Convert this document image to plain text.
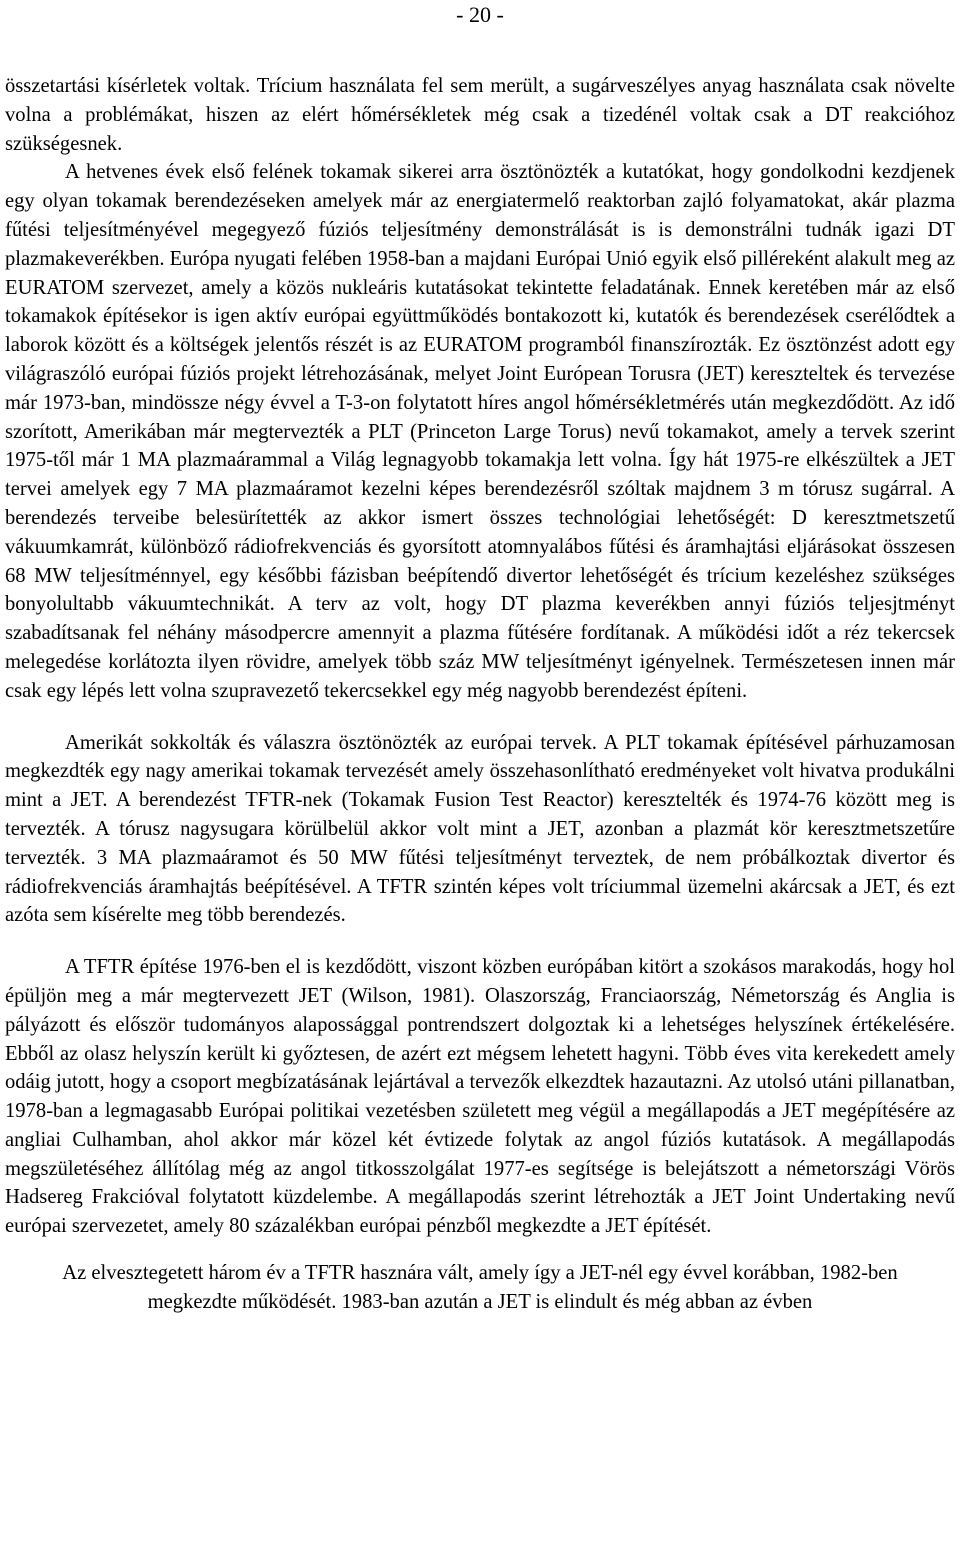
- 20 -

összetartási kísérletek voltak. Trícium használata fel sem merült, a sugárveszélyes anyag használata csak növelte volna a problémákat, hiszen az elért hőmérsékletek még csak a tizedénél voltak csak a DT reakcióhoz szükségesnek.

A hetvenes évek első felének tokamak sikerei arra ösztönözték a kutatókat, hogy gondolkodni kezdjenek egy olyan tokamak berendezéseken amelyek már az energiatermelő reaktorban zajló folyamatokat, akár plazma fűtési teljesítményével megegyező fúziós teljesítmény demonstrálását is is demonstrálni tudnák igazi DT plazmakeverékben. Európa nyugati felében 1958-ban a majdani Európai Unió egyik első pilléreként alakult meg az EURATOM szervezet, amely a közös nukleáris kutatásokat tekintette feladatának. Ennek keretében már az első tokamakok építésekor is igen aktív európai együttműködés bontakozott ki, kutatók és berendezések cserélődtek a laborok között és a költségek jelentős részét is az EURATOM programból finanszírozták. Ez ösztönzést adott egy világraszóló európai fúziós projekt létrehozásának, melyet Joint Európean Torusra (JET) kereszteltek és tervezése már 1973-ban, mindössze négy évvel a T-3-on folytatott híres angol hőmérsékletmérés után megkezdődött. Az idő szorított, Amerikában már megtervezték a PLT (Princeton Large Torus) nevű tokamakot, amely a tervek szerint 1975-től már 1 MA plazmaárammal a Világ legnagyobb tokamakja lett volna. Így hát 1975-re elkészültek a JET tervei amelyek egy 7 MA plazmaáramot kezelni képes berendezésről szóltak majdnem 3 m tórusz sugárral. A berendezés terveibe belesürítették az akkor ismert összes technológiai lehetőségét: D keresztmetszetű vákuumkamrát, különböző rádiofrekvenciás és gyorsított atomnyalábos fűtési és áramhajtási eljárásokat összesen 68 MW teljesítménnyel, egy későbbi fázisban beépítendő divertor lehetőségét és trícium kezeléshez szükséges bonyolultabb vákuumtechnikát. A terv az volt, hogy DT plazma keverékben annyi fúziós teljesjtményt szabadítsanak fel néhány másodpercre amennyit a plazma fűtésére fordítanak. A működési időt a réz tekercsek melegedése korlátozta ilyen rövidre, amelyek több száz MW teljesítményt igényelnek. Természetesen innen már csak egy lépés lett volna szupravezető tekercsekkel egy még nagyobb berendezést építeni.

Amerikát sokkolták és válaszra ösztönözték az európai tervek. A PLT tokamak építésével párhuzamosan megkezdték egy nagy amerikai tokamak tervezését amely összehasonlítható eredményeket volt hivatva produkálni mint a JET. A berendezést TFTR-nek (Tokamak Fusion Test Reactor) keresztelték és 1974-76 között meg is tervezték. A tórusz nagysugara körülbelül akkor volt mint a JET, azonban a plazmát kör keresztmetszetűre tervezték. 3 MA plazmaáramot és 50 MW fűtési teljesítményt terveztek, de nem próbálkoztak divertor és rádiofrekvenciás áramhajtás beépítésével. A TFTR szintén képes volt tríciummal üzemelni akárcsak a JET, és ezt azóta sem kísérelte meg több berendezés.

A TFTR építése 1976-ben el is kezdődött, viszont közben európában kitört a szokásos marakodás, hogy hol épüljön meg a már megtervezett JET (Wilson, 1981). Olaszország, Franciaország, Németország és Anglia is pályázott és először tudományos alapossággal pontrendszert dolgoztak ki a lehetséges helyszínek értékelésére. Ebből az olasz helyszín került ki győztesen, de azért ezt mégsem lehetett hagyni. Több éves vita kerekedett amely odáig jutott, hogy a csoport megbízatásának lejártával a tervezők elkezdtek hazautazni. Az utolsó utáni pillanatban, 1978-ban a legmagasabb Európai politikai vezetésben született meg végül a megállapodás a JET megépítésére az angliai Culhamban, ahol akkor már közel két évtizede folytak az angol fúziós kutatások. A megállapodás megszületéséhez állítólag még az angol titkosszolgálat 1977-es segítsége is belejátszott a németországi Vörös Hadsereg Frakcióval folytatott küzdelembe. A megállapodás szerint létrehozták a JET Joint Undertaking nevű európai szervezetet, amely 80 százalékban európai pénzből megkezdte a JET építését.

Az elvesztegetett három év a TFTR hasznára vált, amely így a JET-nél egy évvel korábban, 1982-ben megkezdte működését. 1983-ban azután a JET is elindult és még abban az évben
